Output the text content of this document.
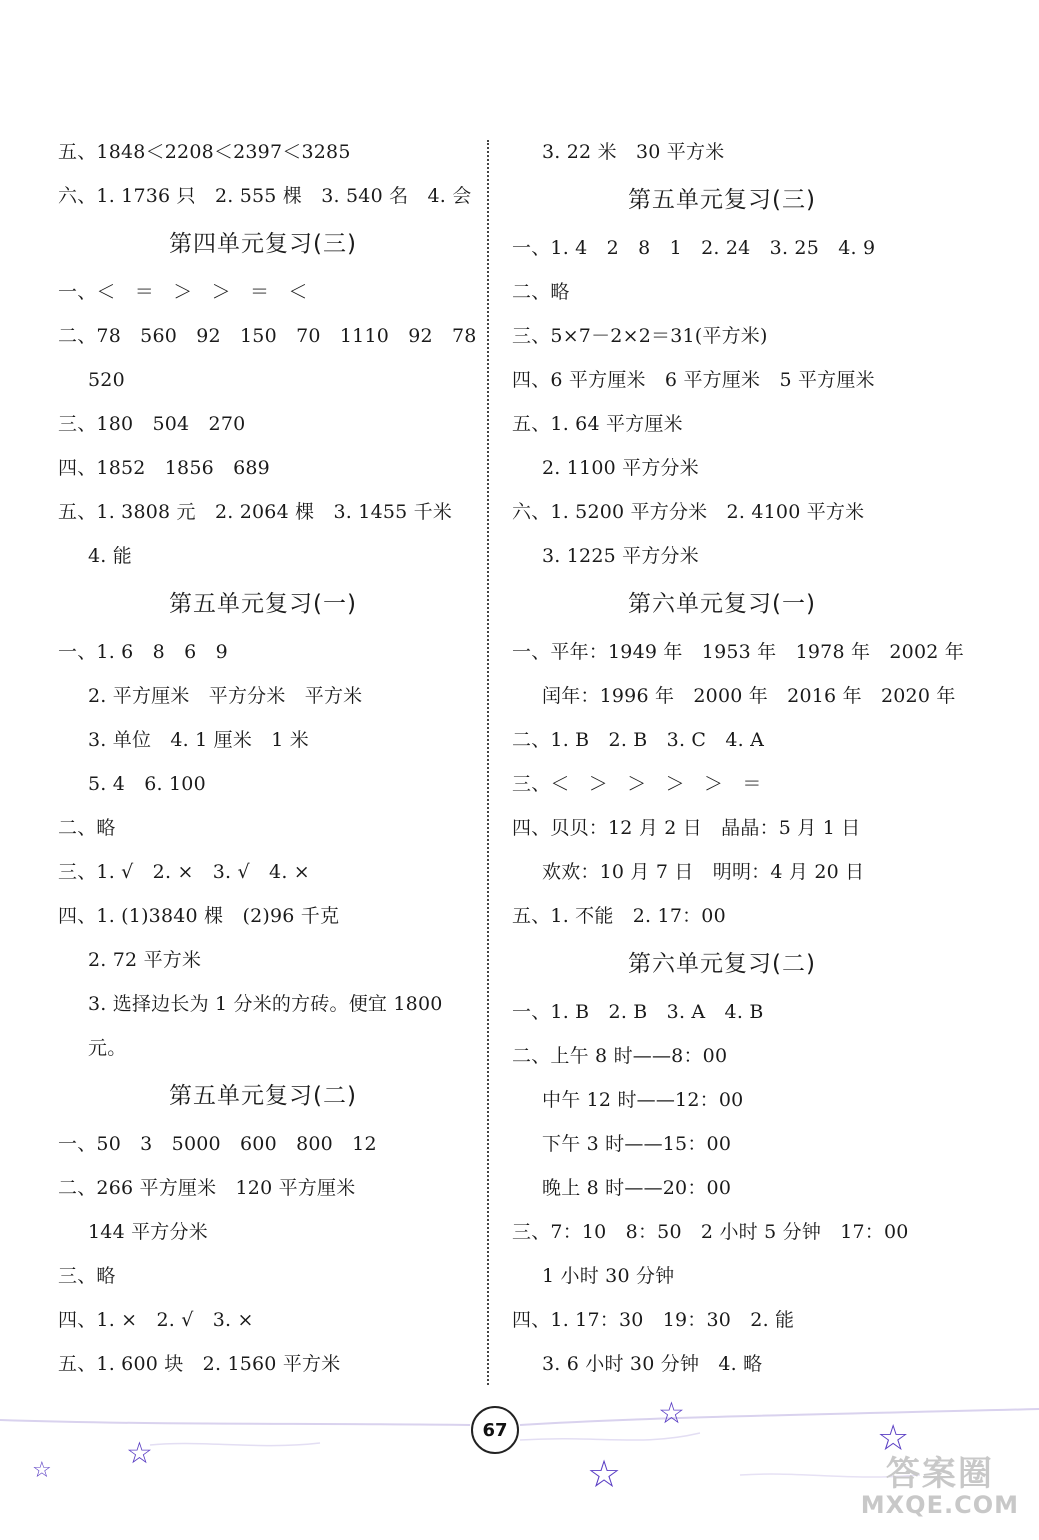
五、1848＜2208＜2397＜3285
六、1. 1736 只　2. 555 棵　3. 540 名　4. 会
第四单元复习(三)
一、＜　＝　＞　＞　＝　＜
二、78　560　92　150　70　1110　92　78
520
三、180　504　270
四、1852　1856　689
五、1. 3808 元　2. 2064 棵　3. 1455 千米
4. 能
第五单元复习(一)
一、1. 6　8　6　9
2. 平方厘米　平方分米　平方米
3. 单位　4. 1 厘米　1 米
5. 4　6. 100
二、略
三、1. √　2. ×　3. √　4. ×
四、1. (1)3840 棵　(2)96 千克
2. 72 平方米
3. 选择边长为 1 分米的方砖。便宜 1800
元。
第五单元复习(二)
一、50　3　5000　600　800　12
二、266 平方厘米　120 平方厘米
144 平方分米
三、略
四、1. ×　2. √　3. ×
五、1. 600 块　2. 1560 平方米
3. 22 米　30 平方米
第五单元复习(三)
一、1. 4　2　8　1　2. 24　3. 25　4. 9
二、略
三、5×7－2×2＝31(平方米)
四、6 平方厘米　6 平方厘米　5 平方厘米
五、1. 64 平方厘米
2. 1100 平方分米
六、1. 5200 平方分米　2. 4100 平方米
3. 1225 平方分米
第六单元复习(一)
一、平年：1949 年　1953 年　1978 年　2002 年
闰年：1996 年　2000 年　2016 年　2020 年
二、1. B　2. B　3. C　4. A
三、＜　＞　＞　＞　＞　＝
四、贝贝：12 月 2 日　晶晶：5 月 1 日
欢欢：10 月 7 日　明明：4 月 20 日
五、1. 不能　2. 17：00
第六单元复习(二)
一、1. B　2. B　3. A　4. B
二、上午 8 时——8：00
中午 12 时——12：00
下午 3 时——15：00
晚上 8 时——20：00
三、7：10　8：50　2 小时 5 分钟　17：00
1 小时 30 分钟
四、1. 17：30　19：30　2. 能
3. 6 小时 30 分钟　4. 略
☆ ☆	☆
☆
☆
67
答案圈
MXQE.COM
